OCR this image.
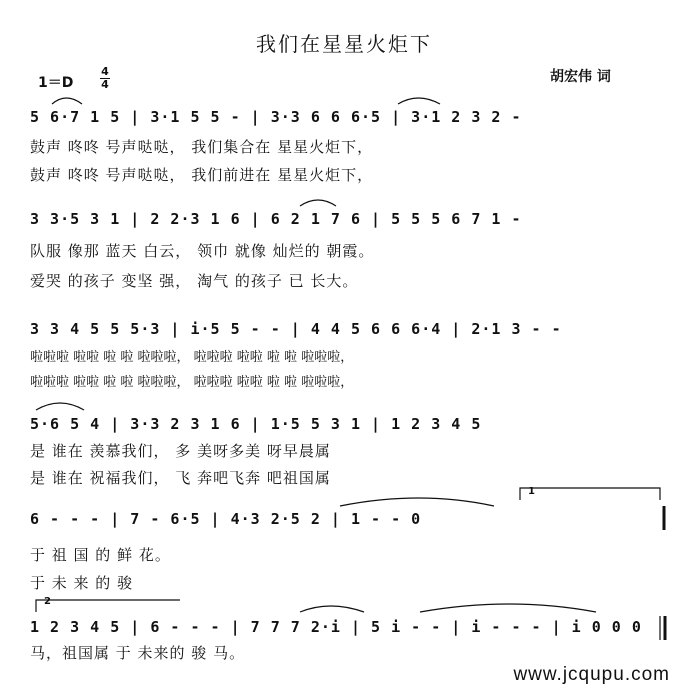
我们在星星火炬下
1＝D
4
4	胡宏伟 词
5 6·7 1 5 | 3·1 5 5 - | 3·3 6 6 6·5 | 3·1 2 3 2 -
鼓声 咚咚 号声哒哒， 我们集合在 星星火炬下，
鼓声 咚咚 号声哒哒， 我们前进在 星星火炬下，
3 3·5 3 1 | 2 2·3 1 6 | 6 2 1 7 6 | 5 5 5 6 7 1 -
队服 像那 蓝天 白云， 领巾 就像 灿烂的 朝霞。
爱哭 的孩子 变坚 强， 淘气 的孩子 已 长大。
3 3 4 5 5 5·3 | i·5 5 - - | 4 4 5 6 6 6·4 | 2·1 3 - -
啦啦啦 啦啦 啦 啦 啦啦啦， 啦啦啦 啦啦 啦 啦 啦啦啦，
啦啦啦 啦啦 啦 啦 啦啦啦， 啦啦啦 啦啦 啦 啦 啦啦啦，
5·6 5 4 | 3·3 2 3 1 6 | 1·5 5 3 1 | 1 2 3 4 5
是 谁在 羡慕我们， 多 美呀多美 呀早晨属
是 谁在 祝福我们， 飞 奔吧飞奔 吧祖国属
1
6 - - - | 7 - 6·5 | 4·3 2·5 2 | 1 - - 0
于 祖 国 的 鲜 花。
于 未 来 的 骏
2
1 2 3 4 5 | 6 - - - | 7 7 7 2·i | 5 i - - | i - - - | i 0 0 0
马，祖国属 于 未来的 骏 马。
www.jcqupu.com
